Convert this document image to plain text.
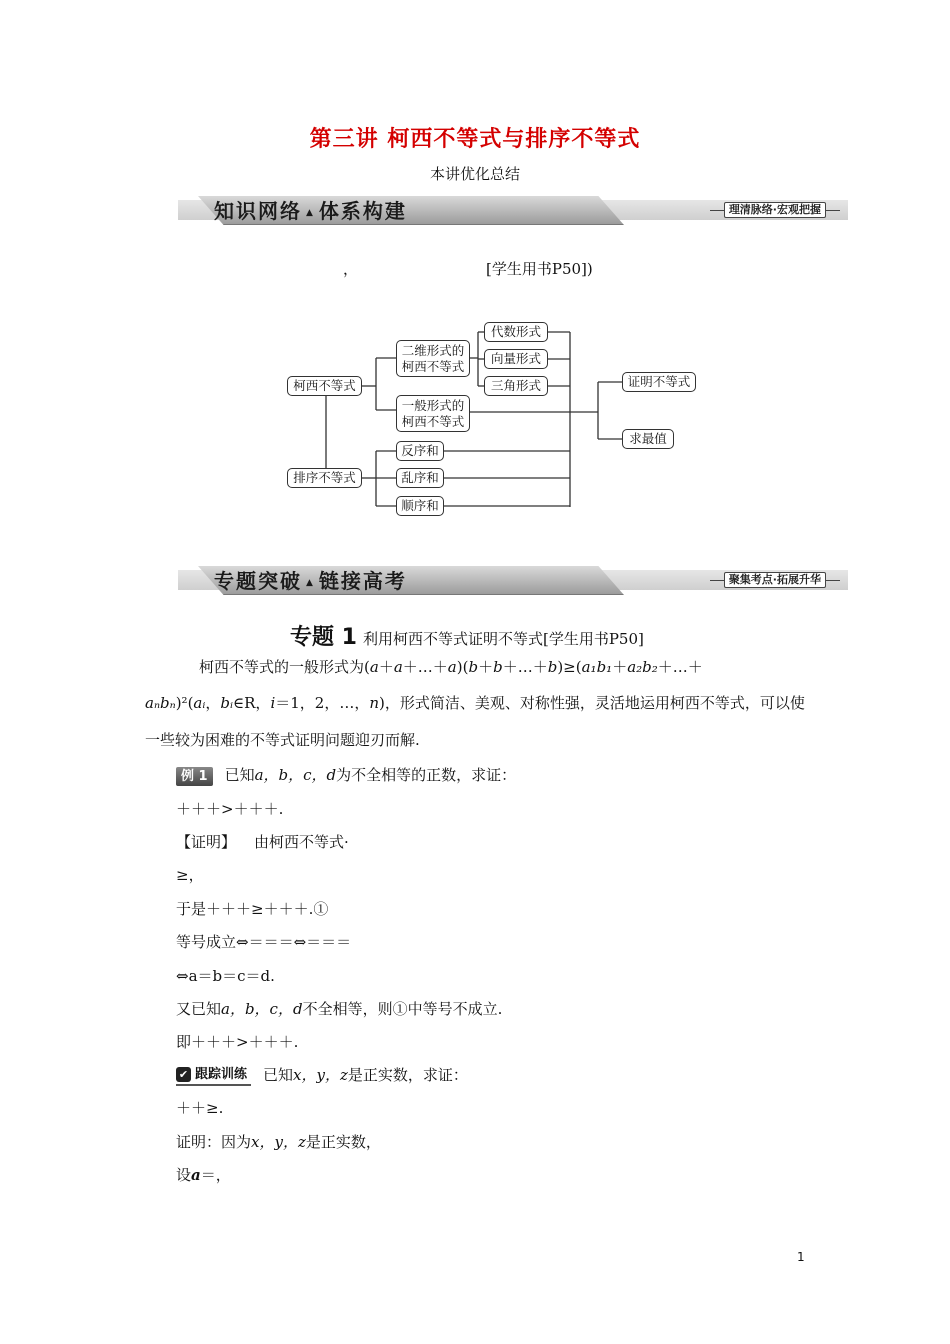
第三讲 柯西不等式与排序不等式
本讲优化总结
知识网络 ▲ 体系构建	理清脉络·宏观把握
，	[学生用书P50])
柯西不等式
排序不等式
二维形式的
柯西不等式
一般形式的
柯西不等式
代数形式
向量形式
三角形式
反序和
乱序和
顺序和
证明不等式
求最值
专题突破 ▲ 链接高考	聚集考点·拓展升华
专题 1 利用柯西不等式证明不等式[学生用书P50]
柯西不等式的一般形式为(a＋a＋…＋a)(b＋b＋…＋b)≥(a₁b₁＋a₂b₂＋…＋
aₙbₙ)²(aᵢ，bᵢ∈R，i＝1，2，…，n)，形式简洁、美观、对称性强，灵活地运用柯西不等式，可以使
一些较为困难的不等式证明问题迎刃而解.
例 1 已知a，b，c，d为不全相等的正数，求证：
＋＋＋>＋＋＋.
【证明】 由柯西不等式·
≥，
于是＋＋＋≥＋＋＋.①
等号成立⇔＝＝＝⇔＝＝＝
⇔a＝b＝c＝d.
又已知a，b，c，d不全相等，则①中等号不成立.
即＋＋＋>＋＋＋.
✔ 跟踪训练 已知x，y，z是正实数，求证：
＋＋≥.
证明：因为x，y，z是正实数，
设a＝，
1
